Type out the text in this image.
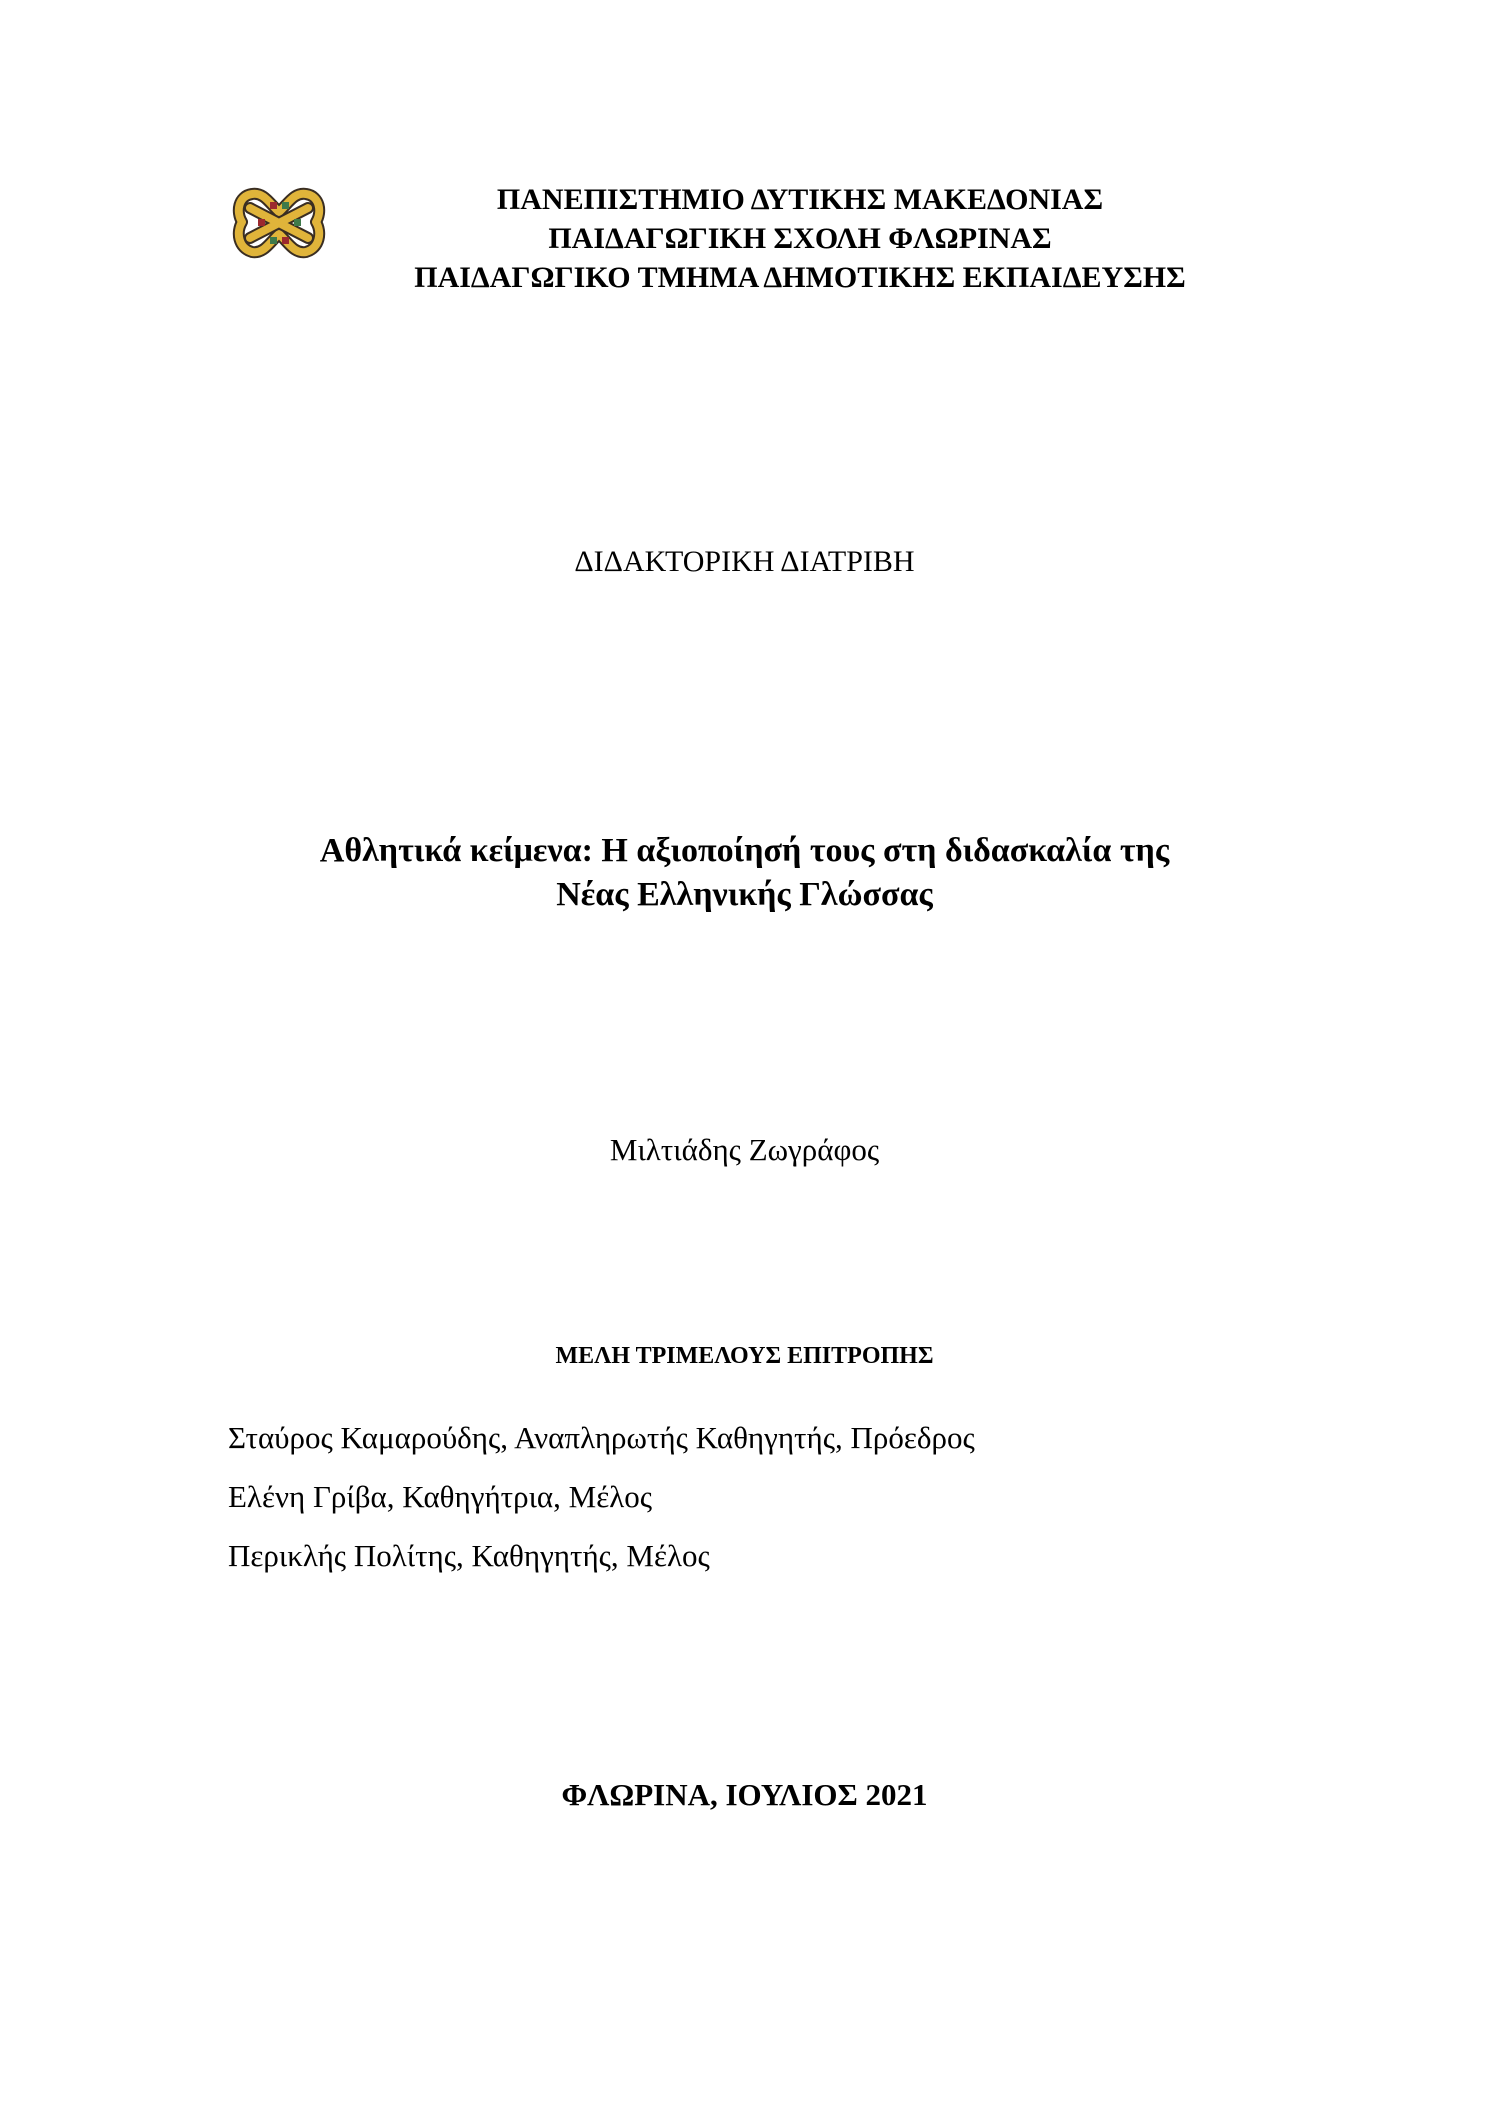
ΠΑΝΕΠΙΣΤΗΜΙΟ ΔΥΤΙΚΗΣ ΜΑΚΕΔΟΝΙΑΣ
ΠΑΙΔΑΓΩΓΙΚΗ ΣΧΟΛΗ ΦΛΩΡΙΝΑΣ
ΠΑΙΔΑΓΩΓΙΚΟ ΤΜΗΜΑ ΔΗΜΟΤΙΚΗΣ ΕΚΠΑΙΔΕΥΣΗΣ
ΔΙΔΑΚΤΟΡΙΚΗ ΔΙΑΤΡΙΒΗ
Αθλητικά κείμενα: Η αξιοποίησή τους στη διδασκαλία της
Νέας Ελληνικής Γλώσσας
Μιλτιάδης Ζωγράφος
ΜΕΛΗ ΤΡΙΜΕΛΟΥΣ ΕΠΙΤΡΟΠΗΣ
Σταύρος Καμαρούδης, Αναπληρωτής Καθηγητής, Πρόεδρος
Ελένη Γρίβα, Καθηγήτρια, Μέλος
Περικλής Πολίτης, Καθηγητής, Μέλος
ΦΛΩΡΙΝΑ, ΙΟΥΛΙΟΣ 2021
